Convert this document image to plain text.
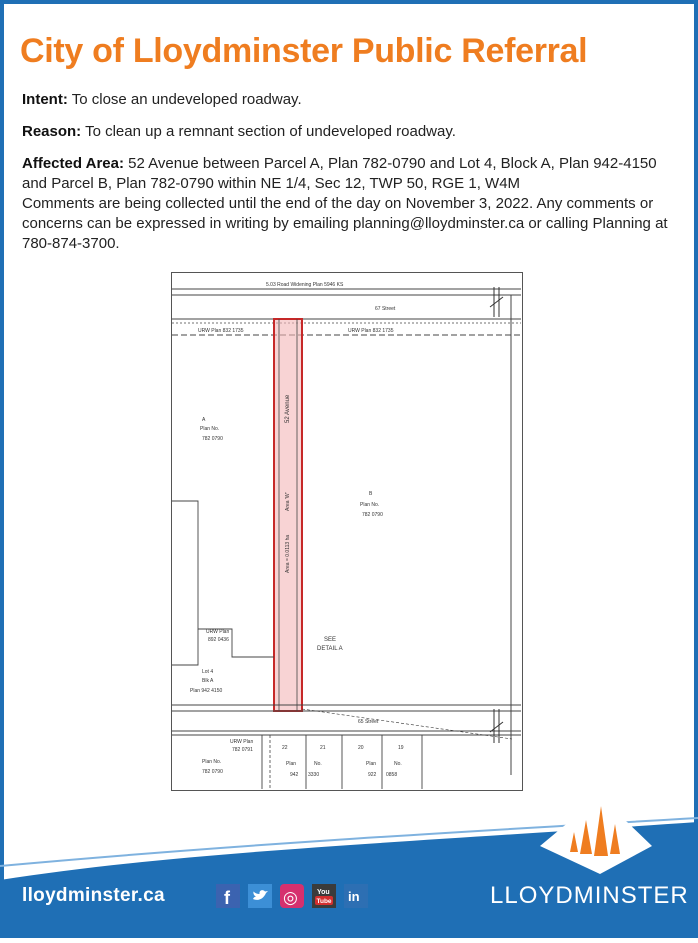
City of Lloydminster Public Referral

Intent: To close an undeveloped roadway.

Reason: To clean up a remnant section of undeveloped roadway.

Affected Area: 52 Avenue between Parcel A, Plan 782-0790 and Lot 4, Block A, Plan 942-4150 and Parcel B, Plan 782-0790 within NE 1/4, Sec 12, TWP 50, RGE 1, W4M

Comments are being collected until the end of the day on November 3, 2022. Any comments or concerns can be expressed in writing by emailing planning@lloydminster.ca or calling Planning at 780-874-3700.

5.03 Road Widening Plan 5946 KS
67 Street
URW Plan 832 1735	URW Plan 832 1735
52 Avenue
Area 'W'
Area = 0.0113 ha
A
Plan No.
782 0790
B
Plan No.
782 0790
URW Plan
892 0436	SEE
DETAIL A
Lot 4
Blk A
Plan 942 4150
65 Street
URW Plan
782 0791
Plan No.
782 0790
22	21	20	19
Plan	No.
942 3330
Plan	No.
922 0858
lloydminster.ca	f	◎	You
Tube in	LLOYDMINSTER
